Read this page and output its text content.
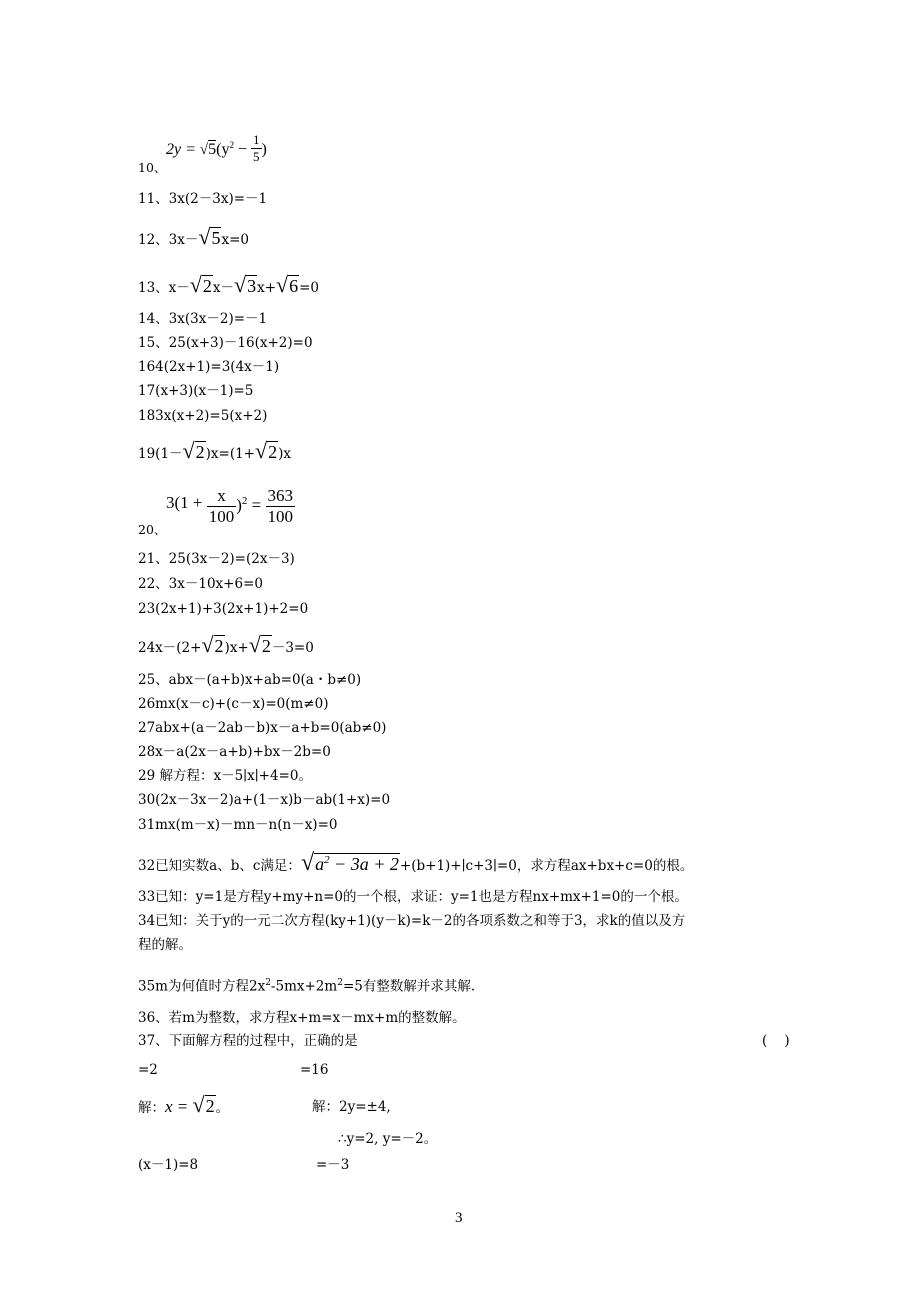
10、
$2y = √5(y^2 - \frac{1}{5}$ )
11、3x(2－3x)=－1
12、3x－√5x=0
13、x－√2x－√3x+√6=0
14、3x(3x－2)=－1
15、25(x+3)－16(x+2)=0
164(2x+1)=3(4x－1)
17(x+3)(x－1)=5
183x(x+2)=5(x+2)
19(1－√2)x=(1+√2)x
20、
$3(1 + \frac{x}{100} )^2 = \frac{363}{100}$
21、25(3x－2)=(2x－3)
22、3x－10x+6=0
23(2x+1)+3(2x+1)+2=0
24x－(2+√2)x+√2－3=0
25、abx－(a+b)x+ab=0(a・b≠0)
26mx(x－c)+(c－x)=0(m≠0)
27abx+(a－2ab－b)x－a+b=0(ab≠0)
28x－a(2x－a+b)+bx－2b=0
29 解方程：x－5∣x∣+4=0。
30(2x－3x－2)a+(1－x)b－ab(1+x)=0
31mx(m－x)－mn－n(n－x)=0
32已知实数a、b、c满足：$√a^2 - 3a$ + 2+(b+1)+∣c+3∣=0，求方程ax+bx+c=0的根。
33已知：y=1是方程y+my+n=0的一个根，求证：y=1也是方程nx+mx+1=0的一个根。
34已知：关于y的一元二次方程(ky+1)(y－k)=k－2的各项系数之和等于3，求k的值以及方
程的解。
35m为何值时方程$2x^2-5mx+2m^2=5$有整数解并求其解.
36、若m为整数，求方程x+m=x－mx+m的整数解。
37、下面解方程的过程中，正确的是	(    )
=2	=16
解：x = √2。	解：2y=±4,
∴y=2, y=－2。
(x－1)=8	=－3
3
